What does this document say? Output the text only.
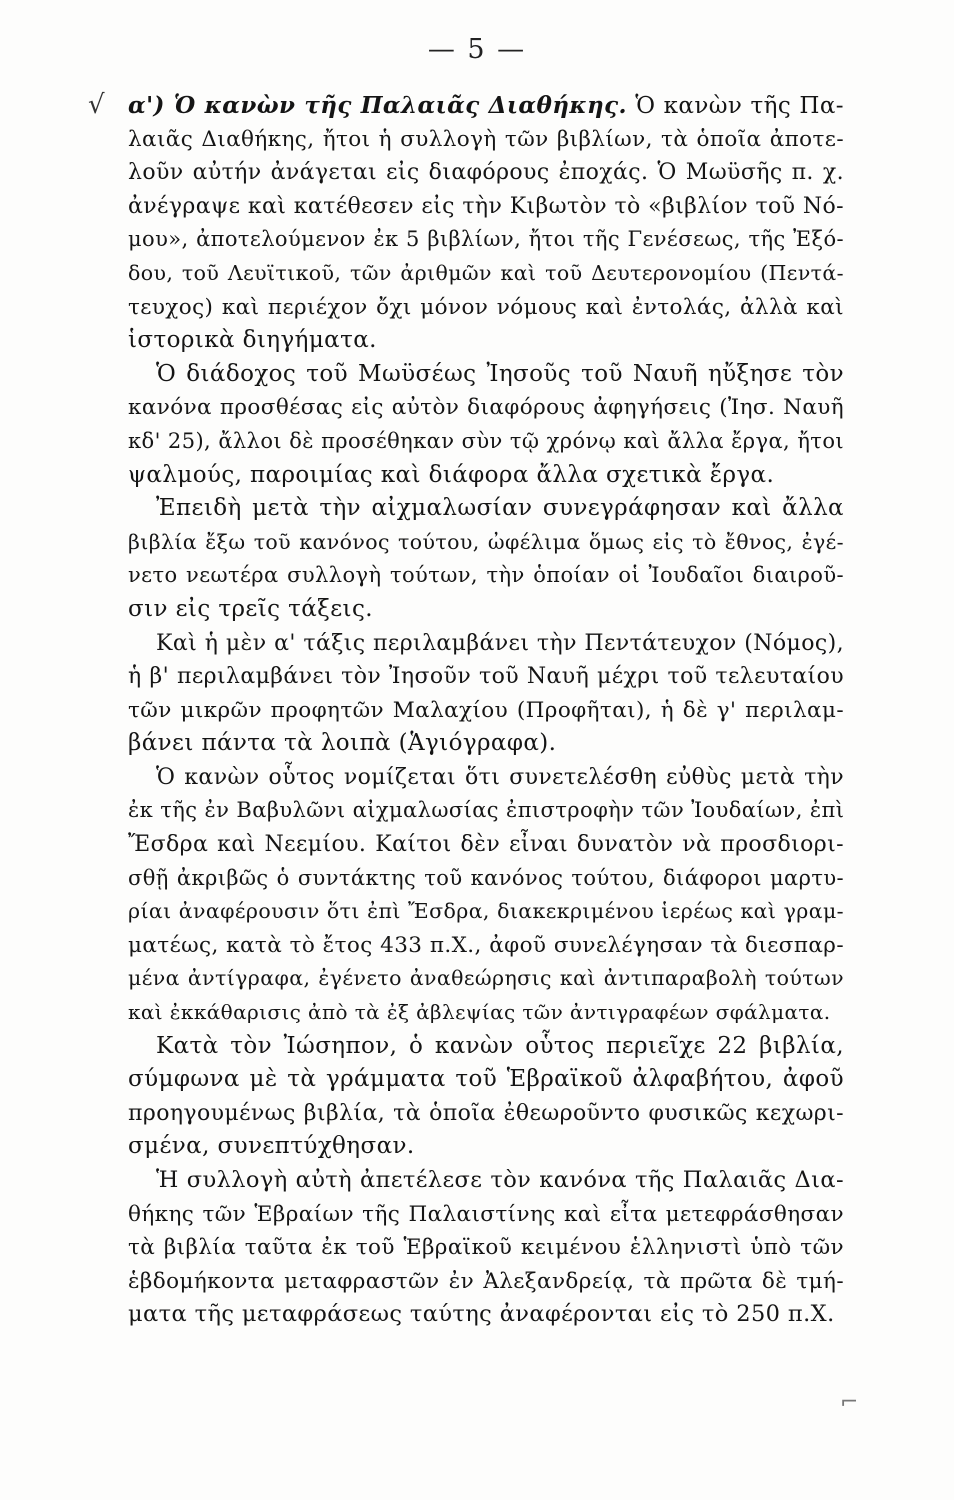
— 5 —
√ α') Ὁ κανὼν τῆς Παλαιᾶς Διαθήκης. Ὁ κανὼν τῆς Πα-
λαιᾶς Διαθήκης, ἤτοι ἡ συλλογὴ τῶν βιβλίων, τὰ ὁποῖα ἀποτε-
λοῦν αὐτήν ἀνάγεται εἰς διαφόρους ἐποχάς. Ὁ Μωϋσῆς π. χ.
ἀνέγραψε καὶ κατέθεσεν εἰς τὴν Κιβωτὸν τὸ «βιβλίον τοῦ Νό-
μου», ἀποτελούμενον ἐκ 5 βιβλίων, ἤτοι τῆς Γενέσεως, τῆς Ἐξό-
δου, τοῦ Λευϊτικοῦ, τῶν ἀριθμῶν καὶ τοῦ Δευτερονομίου (Πεντά-
τευχος) καὶ περιέχον ὄχι μόνον νόμους καὶ ἐντολάς, ἀλλὰ καὶ
ἱστορικὰ διηγήματα.
Ὁ διάδοχος τοῦ Μωϋσέως Ἰησοῦς τοῦ Ναυῆ ηὔξησε τὸν
κανόνα προσθέσας εἰς αὐτὸν διαφόρους ἀφηγήσεις (Ἰησ. Ναυῆ
κδ' 25), ἄλλοι δὲ προσέθηκαν σὺν τῷ χρόνῳ καὶ ἄλλα ἔργα, ἤτοι
ψαλμούς, παροιμίας καὶ διάφορα ἄλλα σχετικὰ ἔργα.
Ἐπειδὴ μετὰ τὴν αἰχμαλωσίαν συνεγράφησαν καὶ ἄλλα
βιβλία ἔξω τοῦ κανόνος τούτου, ὠφέλιμα ὅμως εἰς τὸ ἔθνος, ἐγέ-
νετο νεωτέρα συλλογὴ τούτων, τὴν ὁποίαν οἱ Ἰουδαῖοι διαιροῦ-
σιν εἰς τρεῖς τάξεις.
Καὶ ἡ μὲν α' τάξις περιλαμβάνει τὴν Πεντάτευχον (Νόμος),
ἡ β' περιλαμβάνει τὸν Ἰησοῦν τοῦ Ναυῆ μέχρι τοῦ τελευταίου
τῶν μικρῶν προφητῶν Μαλαχίου (Προφῆται), ἡ δὲ γ' περιλαμ-
βάνει πάντα τὰ λοιπὰ (Ἁγιόγραφα).
Ὁ κανὼν οὗτος νομίζεται ὅτι συνετελέσθη εὐθὺς μετὰ τὴν
ἐκ τῆς ἐν Βαβυλῶνι αἰχμαλωσίας ἐπιστροφὴν τῶν Ἰουδαίων, ἐπὶ
Ἔσδρα καὶ Νεεμίου. Καίτοι δὲν εἶναι δυνατὸν νὰ προσδιορι-
σθῇ ἀκριβῶς ὁ συντάκτης τοῦ κανόνος τούτου, διάφοροι μαρτυ-
ρίαι ἀναφέρουσιν ὅτι ἐπὶ Ἔσδρα, διακεκριμένου ἱερέως καὶ γραμ-
ματέως, κατὰ τὸ ἔτος 433 π.Χ., ἀφοῦ συνελέγησαν τὰ διεσπαρ-
μένα ἀντίγραφα, ἐγένετο ἀναθεώρησις καὶ ἀντιπαραβολὴ τούτων
καὶ ἐκκάθαρισις ἀπὸ τὰ ἐξ ἀβλεψίας τῶν ἀντιγραφέων σφάλματα.
Κατὰ τὸν Ἰώσηπον, ὁ κανὼν οὗτος περιεῖχε 22 βιβλία,
σύμφωνα μὲ τὰ γράμματα τοῦ Ἑβραϊκοῦ ἀλφαβήτου, ἀφοῦ
προηγουμένως βιβλία, τὰ ὁποῖα ἐθεωροῦντο φυσικῶς κεχωρι-
σμένα, συνεπτύχθησαν.
Ἡ συλλογὴ αὐτὴ ἀπετέλεσε τὸν κανόνα τῆς Παλαιᾶς Δια-
θήκης τῶν Ἑβραίων τῆς Παλαιστίνης καὶ εἶτα μετεφράσθησαν
τὰ βιβλία ταῦτα ἐκ τοῦ Ἑβραϊκοῦ κειμένου ἑλληνιστὶ ὑπὸ τῶν
ἑβδομήκοντα μεταφραστῶν ἐν Ἀλεξανδρείᾳ, τὰ πρῶτα δὲ τμή-
ματα τῆς μεταφράσεως ταύτης ἀναφέρονται εἰς τὸ 250 π.Χ.
⌐
